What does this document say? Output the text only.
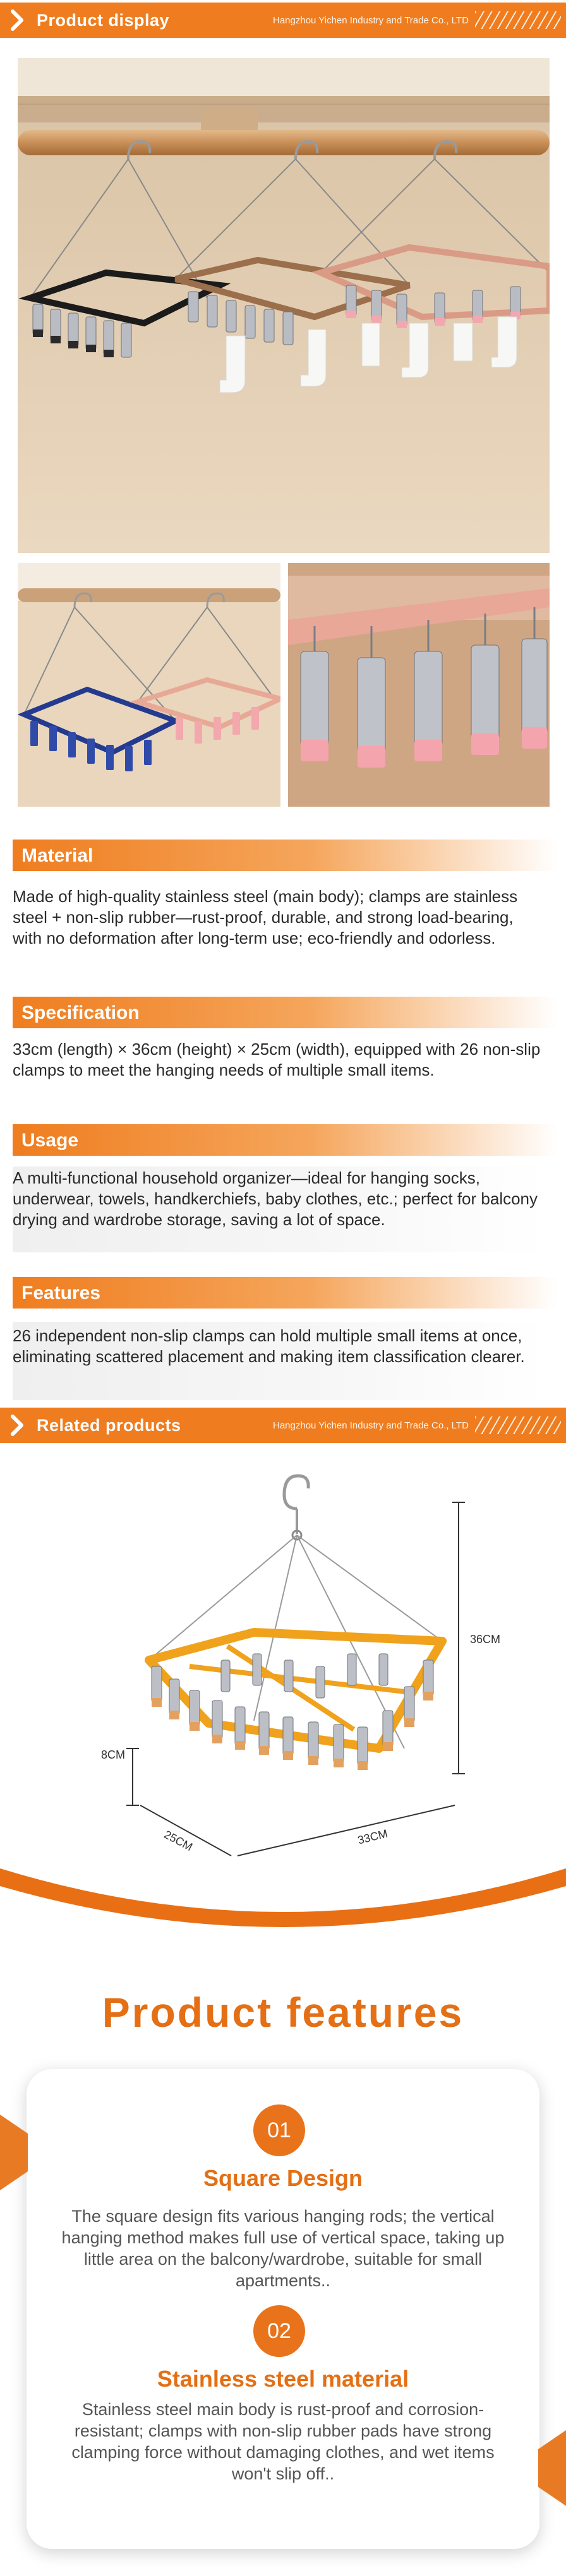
Product display	Hangzhou Yichen Industry and Trade Co., LTD
Material
Made of high-quality stainless steel (main body); clamps are stainless steel + non-slip rubber—rust-proof, durable, and strong load-bearing, with no deformation after long-term use; eco-friendly and odorless.
Specification
33cm (length) × 36cm (height) × 25cm (width), equipped with 26 non-slip clamps to meet the hanging needs of multiple small items.
Usage
A multi-functional household organizer—ideal for hanging socks, underwear, towels, handkerchiefs, baby clothes, etc.; perfect for balcony drying and wardrobe storage, saving a lot of space.
Features
26 independent non-slip clamps can hold multiple small items at once, eliminating scattered placement and making item classification clearer.
Related products	Hangzhou Yichen Industry and Trade Co., LTD
36CM
8CM
25CM	33CM
Product features
01
Square Design
The square design fits various hanging rods; the vertical hanging method makes full use of vertical space, taking up little area on the balcony/wardrobe, suitable for small apartments..
02
Stainless steel material
Stainless steel main body is rust-proof and corrosion-resistant; clamps with non-slip rubber pads have strong clamping force without damaging clothes, and wet items won't slip off..
